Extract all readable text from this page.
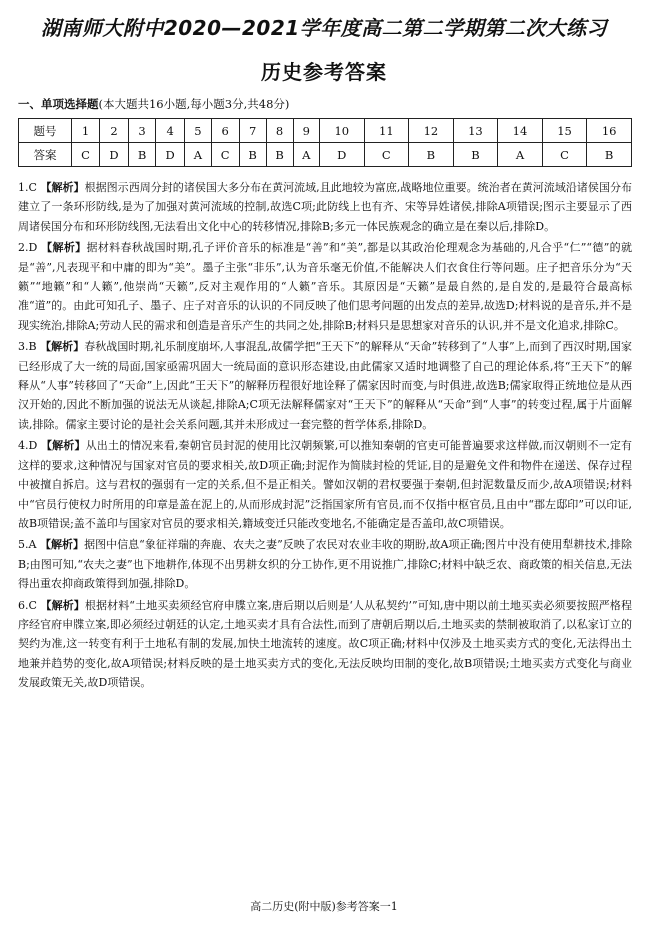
湖南师大附中2020—2021学年度高二第二学期第二次大练习
历史参考答案
一、单项选择题(本大题共16小题,每小题3分,共48分)
题号	1	2	3	4	5	6	7	8	9	10	11	12	13	14	15	16
答案	C	D	B	D	A	C	B	B	A	D	C	B	B	A	C	B
1.C 【解析】根据图示西周分封的诸侯国大多分布在黄河流域,且此地较为富庶,战略地位重要。统治者在黄河流域沿诸侯国分布建立了一条环形防线,是为了加强对黄河流域的控制,故选C项;此防线上也有齐、宋等异姓诸侯,排除A项错误;图示主要显示了西周诸侯国分布和环形防线图,无法看出文化中心的转移情况,排除B;多元一体民族观念的确立是在秦以后,排除D。
2.D 【解析】据材料春秋战国时期,孔子评价音乐的标准是“善”和“美”,都是以其政治伦理观念为基础的,凡合乎“仁”“德”的就是“善”,凡表现平和中庸的即为“美”。墨子主张“非乐”,认为音乐毫无价值,不能解决人们衣食住行等问题。庄子把音乐分为“天籁”“地籁”和“人籁”,他崇尚“天籁”,反对主观作用的“人籁”音乐。其原因是“天籁”是最自然的,是自发的,是最符合最高标准“道”的。由此可知孔子、墨子、庄子对音乐的认识的不同反映了他们思考问题的出发点的差异,故选D;材料说的是音乐,并不是现实统治,排除A;劳动人民的需求和创造是音乐产生的共同之处,排除B;材料只是思想家对音乐的认识,并不是文化追求,排除C。
3.B 【解析】春秋战国时期,礼乐制度崩坏,人事混乱,故儒学把“王天下”的解释从“天命”转移到了“人事”上,而到了西汉时期,国家已经形成了大一统的局面,国家亟需巩固大一统局面的意识形态建设,由此儒家又适时地调整了自己的理论体系,将“王天下”的解释从“人事”转移回了“天命”上,因此“王天下”的解释历程很好地诠释了儒家因时而变,与时俱进,故选B;儒家取得正统地位是从西汉开始的,因此不断加强的说法无从谈起,排除A;C项无法解释儒家对“王天下”的解释从“天命”到“人事”的转变过程,属于片面解读,排除。儒家主要讨论的是社会关系问题,其并未形成过一套完整的哲学体系,排除D。
4.D 【解析】从出土的情况来看,秦朝官员封泥的使用比汉朝频繁,可以推知秦朝的官吏可能普遍要求这样做,而汉朝则不一定有这样的要求,这种情况与国家对官员的要求相关,故D项正确;封泥作为简牍封检的凭证,目的是避免文件和物件在递送、保存过程中被擅自拆启。这与君权的强弱有一定的关系,但不是正相关。譬如汉朝的君权要强于秦朝,但封泥数量反而少,故A项错误;材料中“官员行使权力时所用的印章是盖在泥上的,从而形成封泥”泛指国家所有官员,而不仅指中枢官员,且由中“郡左邸印”可以印证,故B项错误;盖不盖印与国家对官员的要求相关,籍域变迁只能改变地名,不能确定是否盖印,故C项错误。
5.A 【解析】据图中信息“象征祥瑞的奔鹿、农夫之妻”反映了农民对农业丰收的期盼,故A项正确;图片中没有使用犁耕技术,排除B;由图可知,“农夫之妻”也下地耕作,体现不出男耕女织的分工协作,更不用说推广,排除C;材料中缺乏农、商政策的相关信息,无法得出重农抑商政策得到加强,排除D。
6.C 【解析】根据材料“土地买卖须经官府申牒立案,唐后期以后则是‘人从私契约’”可知,唐中期以前土地买卖必须要按照严格程序经官府申牒立案,即必须经过朝廷的认定,土地买卖才具有合法性,而到了唐朝后期以后,土地买卖的禁制被取消了,以私家订立的契约为准,这一转变有利于土地私有制的发展,加快土地流转的速度。故C项正确;材料中仅涉及土地买卖方式的变化,无法得出土地兼并趋势的变化,故A项错误;材料反映的是土地买卖方式的变化,无法反映均田制的变化,故B项错误;土地买卖方式变化与商业发展政策无关,故D项错误。
高二历史(附中版)参考答案一1
